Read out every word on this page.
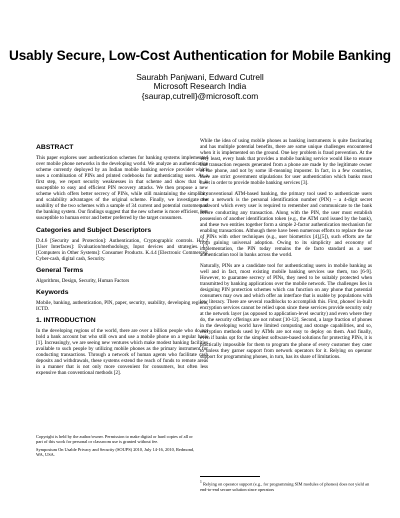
Usably Secure, Low-Cost Authentication for Mobile Banking
Saurabh Panjwani, Edward Cutrell
Microsoft Research India
{saurap,cutrell}@microsoft.com
ABSTRACT

This paper explores user authentication schemes for banking systems implemented over mobile phone networks in the developing world. We analyze an authentication scheme currently deployed by an Indian mobile banking service provider which uses a combination of PINs and printed codebooks for authenticating users. As a first step, we report security weaknesses in that scheme and show that it is susceptible to easy and efficient PIN recovery attacks. We then propose a new scheme which offers better secrecy of PINs, while still maintaining the simplicity and scalability advantages of the original scheme. Finally, we investigate the usability of the two schemes with a sample of 34 current and potential customers of the banking system. Our findings suggest that the new scheme is more efficient, less susceptible to human error and better preferred by the target consumers.

Categories and Subject Descriptors

D.4.6 [Security and Protection]: Authentication, Cryptographic controls. H.5.2 [User Interfaces]: Evaluation/methodology, Input devices and strategies. J.7 [Computers in Other Systems]: Consumer Products. K.4.4 [Electronic Commerce]: Cyber-cash, digital cash, Security.

General Terms

Algorithms, Design, Security, Human Factors

Keywords

Mobile, banking, authentication, PIN, paper, security, usability, developing regions, ICTD.

1. INTRODUCTION

In the developing regions of the world, there are over a billion people who do not hold a bank account but who still own and use a mobile phone on a regular basis [1]. Increasingly, we are seeing new ventures which make modest banking facilities available to such people by utilizing mobile phones as the primary instrument for conducting transactions. Through a network of human agents who facilitate cash deposits and withdrawals, these systems extend the reach of funds to remote areas in a manner that is not only more convenient for consumers, but often less expensive than conventional methods [2].

Copyright is held by the author/owner. Permission to make digital or hard copies of all or part of this work for personal or classroom use is granted without fee.

Symposium On Usable Privacy and Security (SOUPS) 2010, July 14-16, 2010, Redmond, WA, USA.

While the idea of using mobile phones as banking instruments is quite fascinating and has multiple potential benefits, there are some unique challenges encountered when it is implemented on the ground. One key problem is fraud prevention. At the very least, every bank that provides a mobile banking service would like to ensure that transaction requests generated from a phone are made by the legitimate owner of the phone, and not by some ill-meaning imposter. In fact, in a few countries, there are strict government stipulations for user authentication which banks must meet in order to provide mobile banking services [3].

In conventional ATM-based banking, the primary tool used to authenticate users over a network is the personal identification number (PIN) – a 4-digit secret password which every user is required to remember and communicate to the bank before conducting any transaction. Along with the PIN, the user must establish possession of another identification token (e.g., the ATM card issued by the bank), and these two entities together form a simple 2-factor authentication mechanism for enabling transactions. Although there have been numerous efforts to replace the use of PINs with other techniques (e.g., user biometrics [4],[5]), such efforts are far from gaining universal adoption. Owing to its simplicity and economy of implementation, the PIN today remains the de facto standard as a user authentication tool in banks across the world.

Naturally, PINs are a candidate tool for authenticating users in mobile banking as well and in fact, most existing mobile banking services use them, too [6-9]. However, to guarantee secrecy of PINs, they need to be suitably protected when transmitted by banking applications over the mobile network. The challenges lies in designing PIN protection schemes which can function on any phone that potential consumers may own and which offer an interface that is usable by populations with low literacy. There are several roadblocks to accomplish this. First, phones' in-built encryption services cannot be relied upon since these services provide security only at the network layer (as opposed to application-level security) and even where they do, the security offerings are not robust [10-12]. Second, a large fraction of phones in the developing world have limited computing and storage capabilities, and so, encryption methods used by ATMs are not easy to deploy on them. And finally, even if banks opt for the simplest software-based solutions for protecting PINs, it is practically impossible for them to program the phone of every customer they cater to unless they garner support from network operators for it. Relying on operator support for programming phones, in turn, has its share of limitations.

$^1$ Relying on operator support (e.g., for programming SIM modules of phones) does not yield an end-to-end secure solution since operators
